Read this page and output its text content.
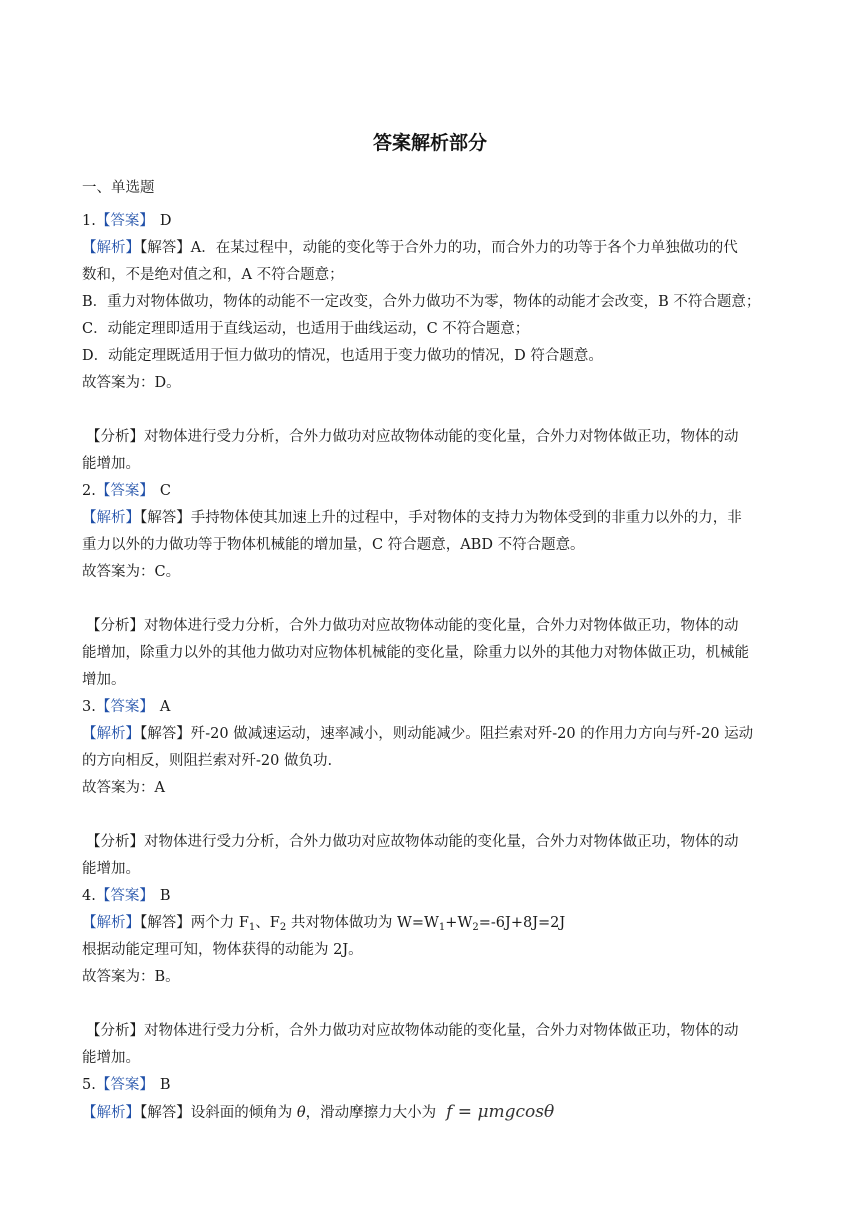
答案解析部分
一、单选题
1.【答案】 D
【解析】【解答】A．在某过程中，动能的变化等于合外力的功，而合外力的功等于各个力单独做功的代
数和，不是绝对值之和，A 不符合题意；
B．重力对物体做功，物体的动能不一定改变，合外力做功不为零，物体的动能才会改变，B 不符合题意；
C．动能定理即适用于直线运动，也适用于曲线运动，C 不符合题意；
D．动能定理既适用于恒力做功的情况，也适用于变力做功的情况，D 符合题意。
故答案为：D。
【分析】对物体进行受力分析，合外力做功对应故物体动能的变化量，合外力对物体做正功，物体的动
能增加。
2.【答案】 C
【解析】【解答】手持物体使其加速上升的过程中，手对物体的支持力为物体受到的非重力以外的力，非
重力以外的力做功等于物体机械能的增加量，C 符合题意，ABD 不符合题意。
故答案为：C。
【分析】对物体进行受力分析，合外力做功对应故物体动能的变化量，合外力对物体做正功，物体的动
能增加，除重力以外的其他力做功对应物体机械能的变化量，除重力以外的其他力对物体做正功，机械能
增加。
3.【答案】 A
【解析】【解答】歼-20 做减速运动，速率减小，则动能减少。阻拦索对歼-20 的作用力方向与歼-20 运动
的方向相反，则阻拦索对歼-20 做负功.
故答案为：A
【分析】对物体进行受力分析，合外力做功对应故物体动能的变化量，合外力对物体做正功，物体的动
能增加。
4.【答案】 B
【解析】【解答】两个力 $F_1$、$F_2$ 共对物体做功为 $W=W_1+W_2=-6J+8J=2J$
根据动能定理可知，物体获得的动能为 2J。
故答案为：B。
【分析】对物体进行受力分析，合外力做功对应故物体动能的变化量，合外力对物体做正功，物体的动
能增加。
5.【答案】 B
【解析】【解答】设斜面的倾角为 θ，滑动摩擦力大小为 f = μmgcosθ
